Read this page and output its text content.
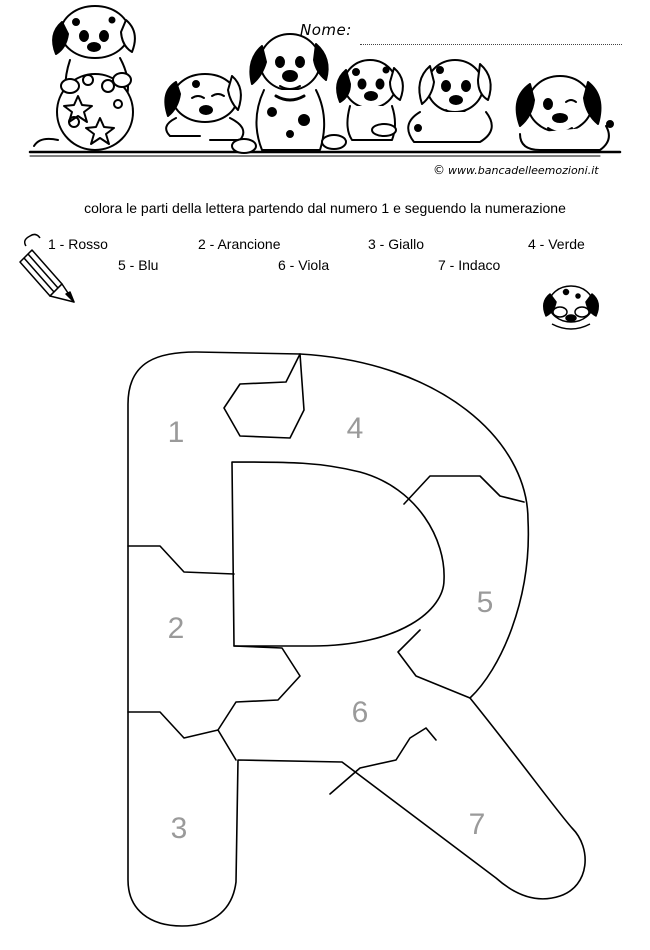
Nome:
© www.bancadelleemozioni.it
colora le parti della lettera partendo dal numero 1 e seguendo la numerazione
1 - Rosso	2 - Arancione	3 - Giallo	4 - Verde
5 - Blu	6 - Viola	7 - Indaco
1
2
3
4
5
6
7
